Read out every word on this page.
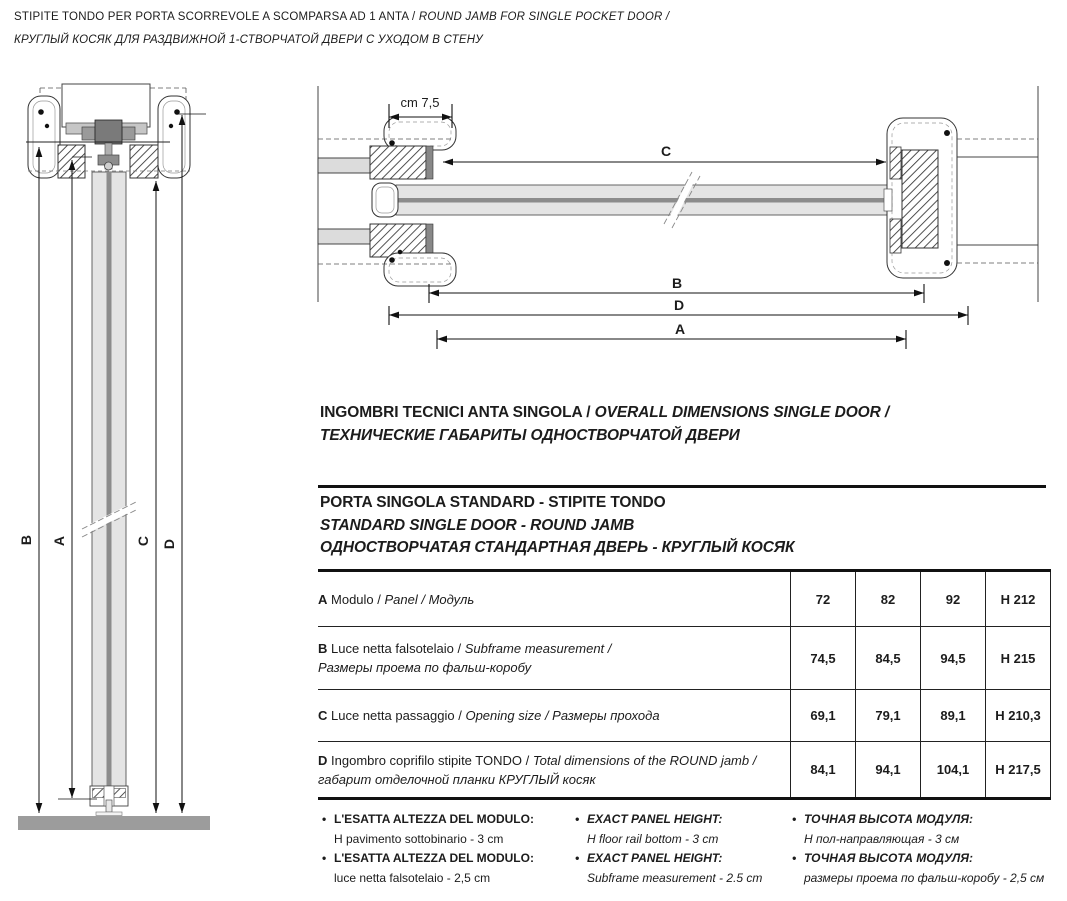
STIPITE TONDO PER PORTA SCORREVOLE A SCOMPARSA AD 1 ANTA / ROUND JAMB FOR SINGLE POCKET DOOR /
КРУГЛЫЙ КОСЯК ДЛЯ РАЗДВИЖНОЙ 1-СТВОРЧАТОЙ ДВЕРИ С УХОДОМ В СТЕНУ
B A	C D
cm 7,5
C
B
D
A
INGOMBRI TECNICI ANTA SINGOLA / OVERALL DIMENSIONS SINGLE DOOR /
ТЕХНИЧЕСКИЕ ГАБАРИТЫ ОДНОСТВОРЧАТОЙ ДВЕРИ
PORTA SINGOLA STANDARD - STIPITE TONDO
STANDARD SINGLE DOOR - ROUND JAMB
ОДНОСТВОРЧАТАЯ СТАНДАРТНАЯ ДВЕРЬ - КРУГЛЫЙ КОСЯК
A Modulo / Panel / Модуль	72	82	92	H 212
B Luce netta falsotelaio / Subframe measurement /
Размеры проема по фальш-коробу	74,5	84,5	94,5	H 215
C Luce netta passaggio / Opening size / Размеры прохода	69,1	79,1	89,1	H 210,3
D Ingombro coprifilo stipite TONDO / Total dimensions of the ROUND jamb /
габарит отделочной планки КРУГЛЫЙ косяк	84,1	94,1	104,1	H 217,5
• L'ESATTA ALTEZZA DEL MODULO:
H pavimento sottobinario - 3 cm
• L'ESATTA ALTEZZA DEL MODULO:
luce netta falsotelaio - 2,5 cm
• EXACT PANEL HEIGHT:
H floor rail bottom - 3 cm
• EXACT PANEL HEIGHT:
Subframe measurement - 2.5 cm
• ТОЧНАЯ ВЫСОТА МОДУЛЯ:
Н пол-направляющая - 3 см
• ТОЧНАЯ ВЫСОТА МОДУЛЯ:
размеры проема по фальш-коробу - 2,5 см
